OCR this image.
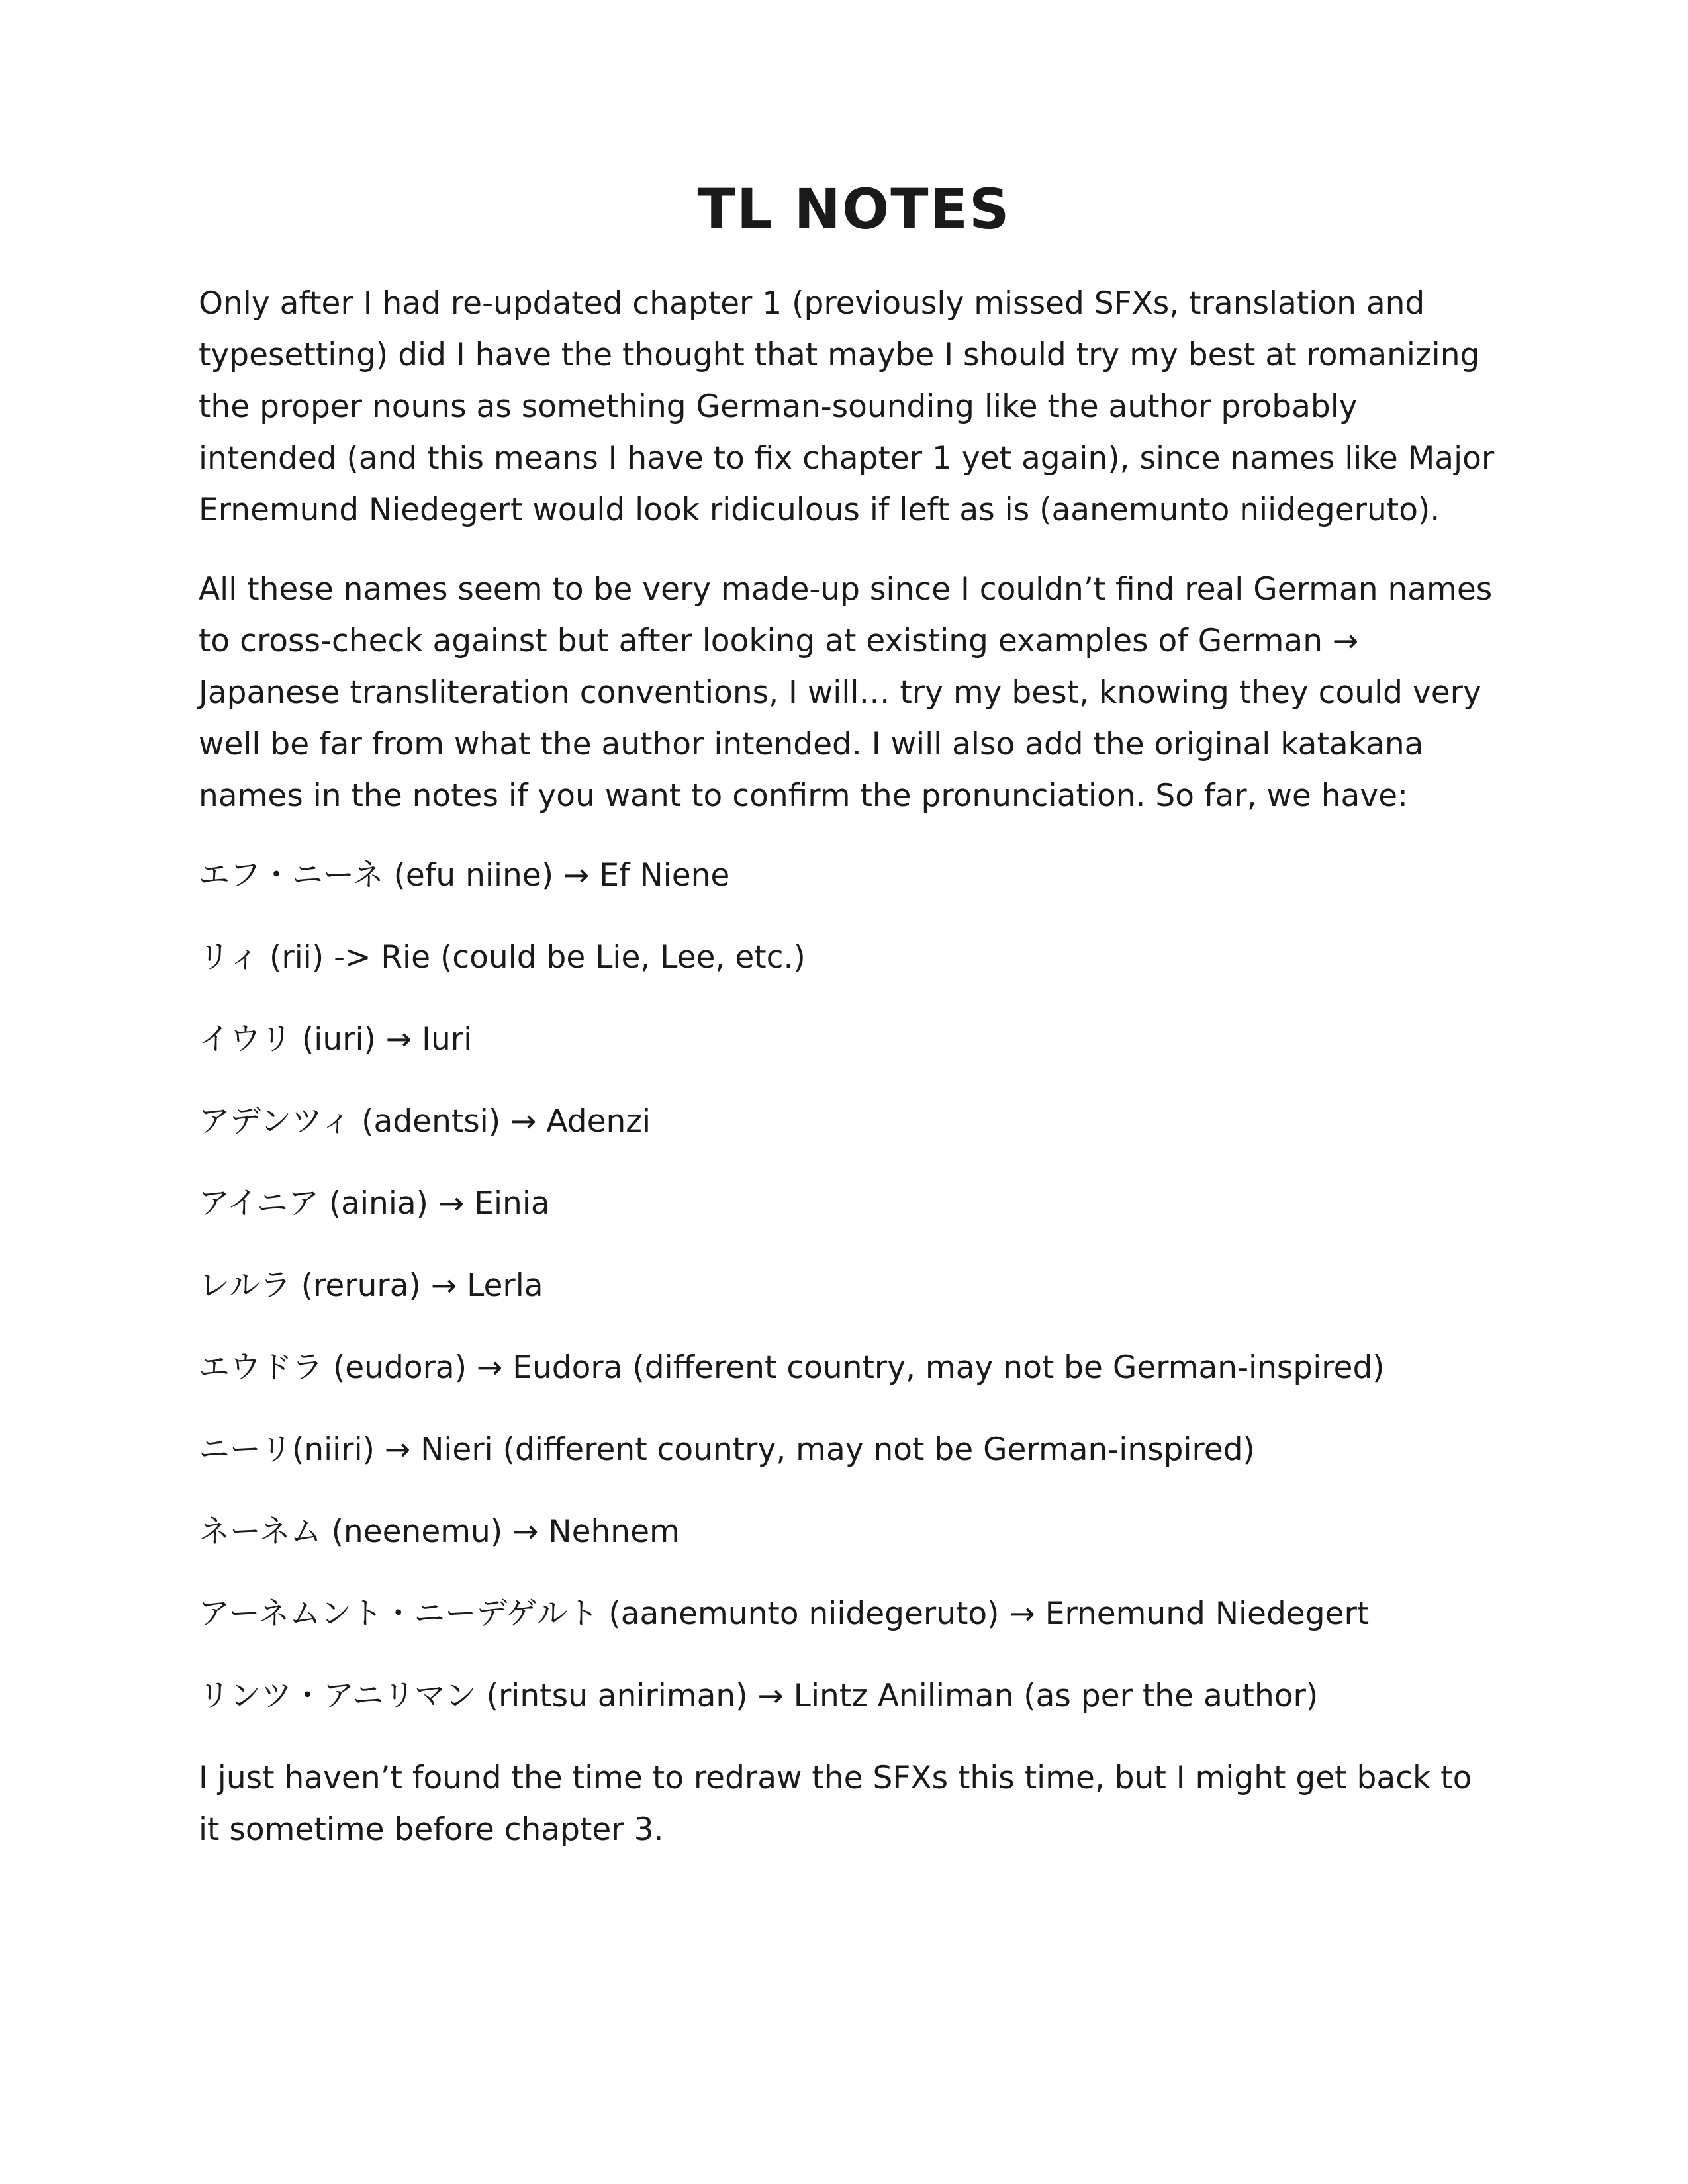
TL NOTES

Only after I had re-updated chapter 1 (previously missed SFXs, translation and typesetting) did I have the thought that maybe I should try my best at romanizing the proper nouns as something German-sounding like the author probably intended (and this means I have to fix chapter 1 yet again), since names like Major Ernemund Niedegert would look ridiculous if left as is (aanemunto niidegeruto).

All these names seem to be very made-up since I couldn’t find real German names to cross-check against but after looking at existing examples of German → Japanese transliteration conventions, I will… try my best, knowing they could very well be far from what the author intended. I will also add the original katakana names in the notes if you want to confirm the pronunciation. So far, we have:

エフ・ニーネ (efu niine) → Ef Niene

リィ (rii) -> Rie (could be Lie, Lee, etc.)

イウリ (iuri) → Iuri

アデンツィ (adentsi) → Adenzi

アイニア (ainia) → Einia

レルラ (rerura) → Lerla

エウドラ (eudora) → Eudora (different country, may not be German-inspired)

ニーリ(niiri) → Nieri (different country, may not be German-inspired)

ネーネム (neenemu) → Nehnem

アーネムント・ニーデゲルト (aanemunto niidegeruto) → Ernemund Niedegert

リンツ・アニリマン (rintsu aniriman) → Lintz Aniliman (as per the author)

I just haven’t found the time to redraw the SFXs this time, but I might get back to it sometime before chapter 3.
